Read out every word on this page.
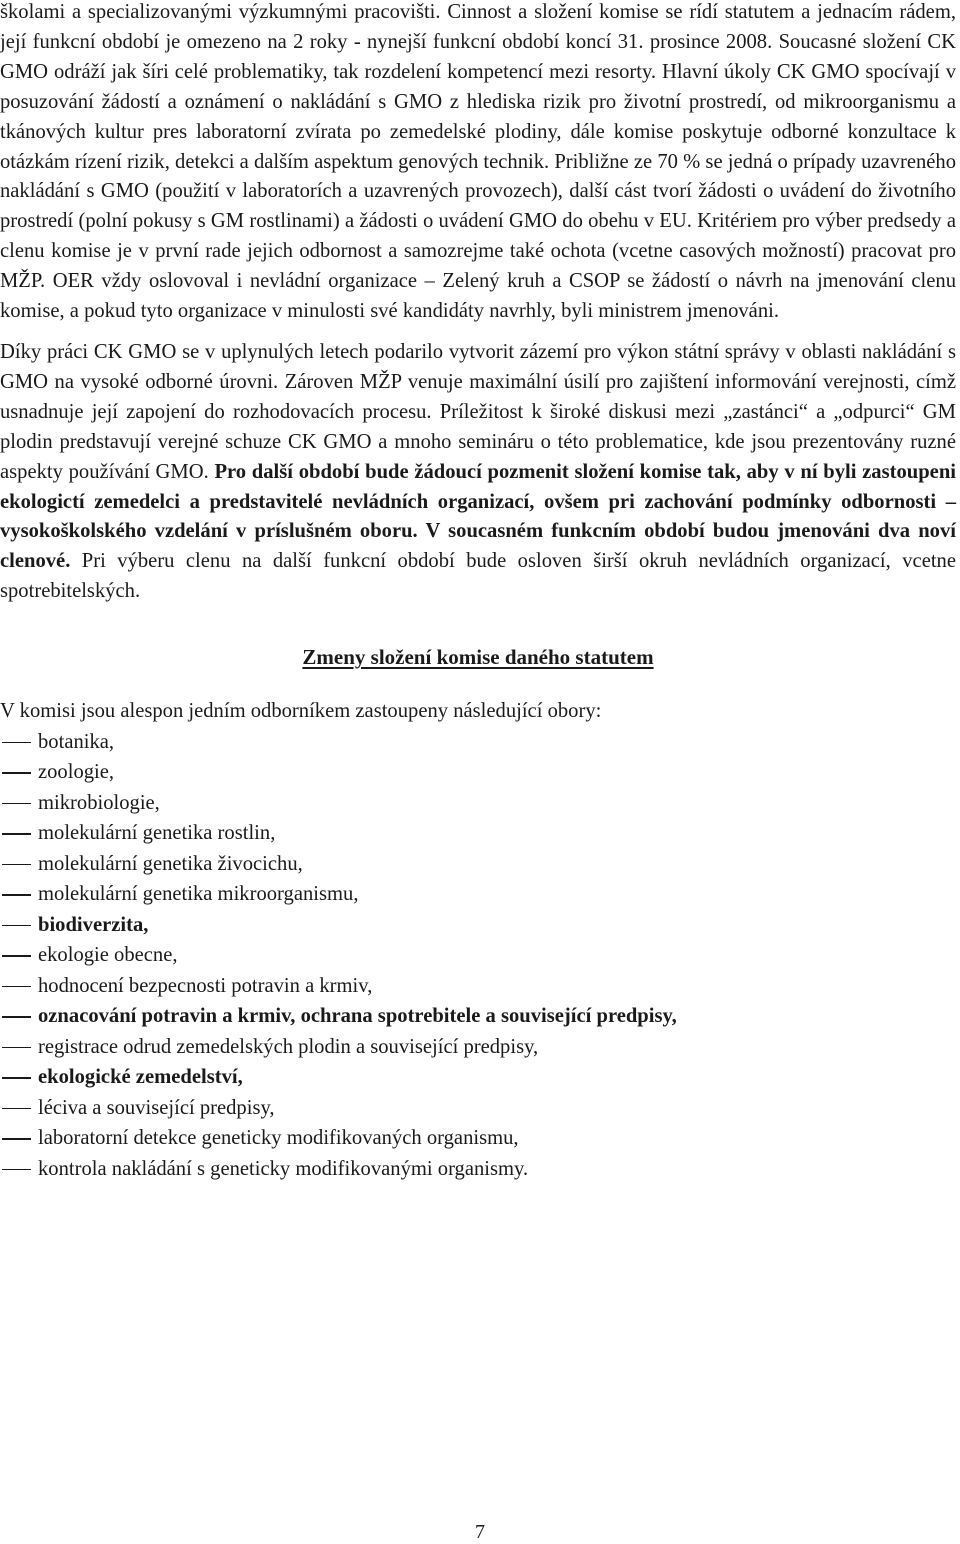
školami a specializovanými výzkumnými pracovišti. Cinnost a složení komise se rídí statutem a jednacím rádem, její funkcní období je omezeno na 2 roky - nynejší funkcní období koncí 31. prosince 2008. Soucasné složení CK GMO odráží jak šíri celé problematiky, tak rozdelení kompetencí mezi resorty. Hlavní úkoly CK GMO spocívají v posuzování žádostí a oznámení o nakládání s GMO z hlediska rizik pro životní prostredí, od mikroorganismu a tkánových kultur pres laboratorní zvírata po zemedelské plodiny, dále komise poskytuje odborné konzultace k otázkám rízení rizik, detekci a dalším aspektum genových technik. Približne ze 70 % se jedná o prípady uzavreného nakládání s GMO (použití v laboratorích a uzavrených provozech), další cást tvorí žádosti o uvádení do životního prostredí (polní pokusy s GM rostlinami) a žádosti o uvádení GMO do obehu v EU. Kritériem pro výber predsedy a clenu komise je v první rade jejich odbornost a samozrejme také ochota (vcetne casových možností) pracovat pro MŽP. OER vždy oslovoval i nevládní organizace – Zelený kruh a CSOP se žádostí o návrh na jmenování clenu komise, a pokud tyto organizace v minulosti své kandidáty navrhly, byli ministrem jmenováni.

Díky práci CK GMO se v uplynulých letech podarilo vytvorit zázemí pro výkon státní správy v oblasti nakládání s GMO na vysoké odborné úrovni. Zároven MŽP venuje maximální úsilí pro zajištení informování verejnosti, címž usnadnuje její zapojení do rozhodovacích procesu. Príležitost k široké diskusi mezi „zastánci“ a „odpurci“ GM plodin predstavují verejné schuze CK GMO a mnoho semináru o této problematice, kde jsou prezentovány ruzné aspekty používání GMO. Pro další období bude žádoucí pozmenit složení komise tak, aby v ní byli zastoupeni ekologictí zemedelci a predstavitelé nevládních organizací, ovšem pri zachování podmínky odbornosti – vysokoškolského vzdelání v príslušném oboru. V soucasném funkcním období budou jmenováni dva noví clenové. Pri výberu clenu na další funkcní období bude osloven širší okruh nevládních organizací, vcetne spotrebitelských.

Zmeny složení komise daného statutem

V komisi jsou alespon jedním odborníkem zastoupeny následující obory:

botanika,
zoologie,
mikrobiologie,
molekulární genetika rostlin,
molekulární genetika živocichu,
molekulární genetika mikroorganismu,
biodiverzita,
ekologie obecne,
hodnocení bezpecnosti potravin a krmiv,
oznacování potravin a krmiv, ochrana spotrebitele a související predpisy,
registrace odrud zemedelských plodin a související predpisy,
ekologické zemedelství,
léciva a související predpisy,
laboratorní detekce geneticky modifikovaných organismu,
kontrola nakládání s geneticky modifikovanými organismy.
7
